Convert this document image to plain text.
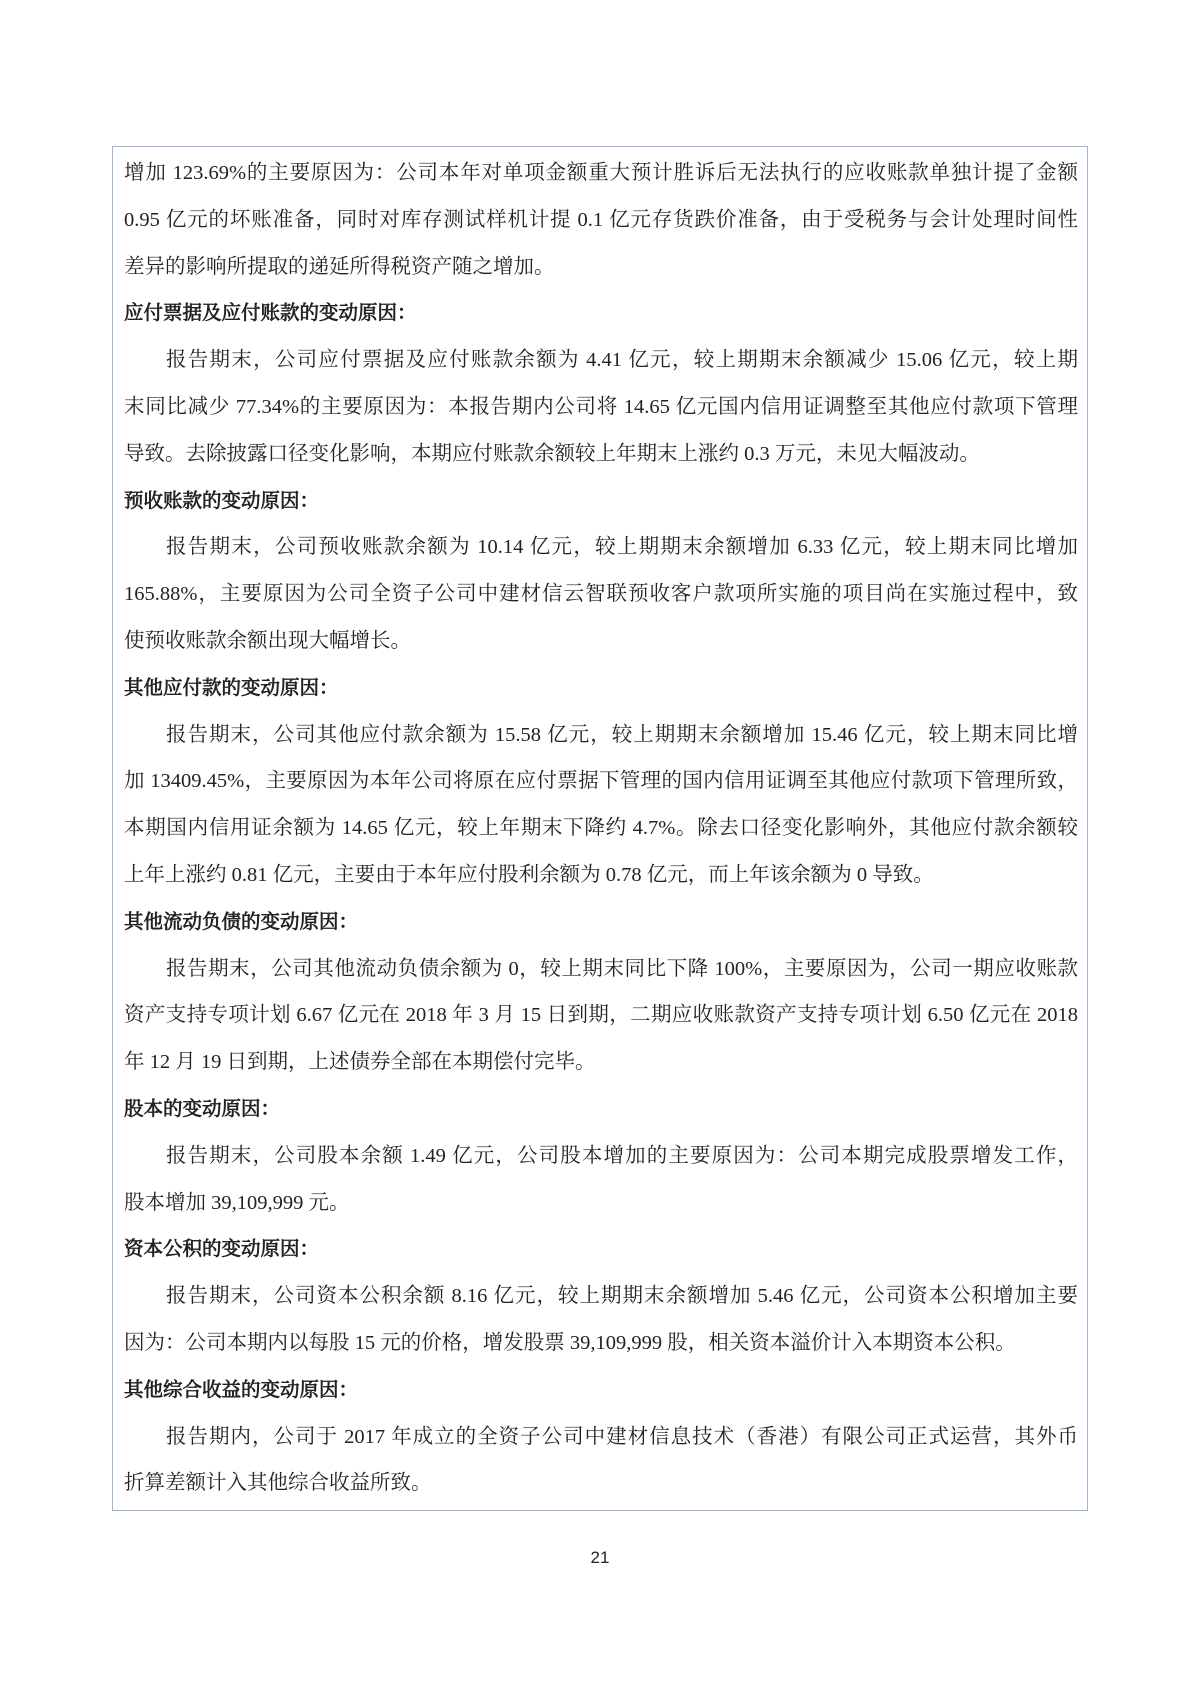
增加 123.69%的主要原因为：公司本年对单项金额重大预计胜诉后无法执行的应收账款单独计提了金额
0.95 亿元的坏账准备，同时对库存测试样机计提 0.1 亿元存货跌价准备，由于受税务与会计处理时间性
差异的影响所提取的递延所得税资产随之增加。
应付票据及应付账款的变动原因：
报告期末，公司应付票据及应付账款余额为 4.41 亿元，较上期期末余额减少 15.06 亿元，较上期
末同比减少 77.34%的主要原因为：本报告期内公司将 14.65 亿元国内信用证调整至其他应付款项下管理
导致。去除披露口径变化影响，本期应付账款余额较上年期末上涨约 0.3 万元，未见大幅波动。
预收账款的变动原因：
报告期末，公司预收账款余额为 10.14 亿元，较上期期末余额增加 6.33 亿元，较上期末同比增加
165.88%，主要原因为公司全资子公司中建材信云智联预收客户款项所实施的项目尚在实施过程中，致
使预收账款余额出现大幅增长。
其他应付款的变动原因：
报告期末，公司其他应付款余额为 15.58 亿元，较上期期末余额增加 15.46 亿元，较上期末同比增
加 13409.45%，主要原因为本年公司将原在应付票据下管理的国内信用证调至其他应付款项下管理所致，
本期国内信用证余额为 14.65 亿元，较上年期末下降约 4.7%。除去口径变化影响外，其他应付款余额较
上年上涨约 0.81 亿元，主要由于本年应付股利余额为 0.78 亿元，而上年该余额为 0 导致。
其他流动负债的变动原因：
报告期末，公司其他流动负债余额为 0，较上期末同比下降 100%，主要原因为，公司一期应收账款
资产支持专项计划 6.67 亿元在 2018 年 3 月 15 日到期，二期应收账款资产支持专项计划 6.50 亿元在 2018
年 12 月 19 日到期，上述债券全部在本期偿付完毕。
股本的变动原因：
报告期末，公司股本余额 1.49 亿元，公司股本增加的主要原因为：公司本期完成股票增发工作，
股本增加 39,109,999 元。
资本公积的变动原因：
报告期末，公司资本公积余额 8.16 亿元，较上期期末余额增加 5.46 亿元，公司资本公积增加主要
因为：公司本期内以每股 15 元的价格，增发股票 39,109,999 股，相关资本溢价计入本期资本公积。
其他综合收益的变动原因：
报告期内，公司于 2017 年成立的全资子公司中建材信息技术（香港）有限公司正式运营，其外币
折算差额计入其他综合收益所致。
21
